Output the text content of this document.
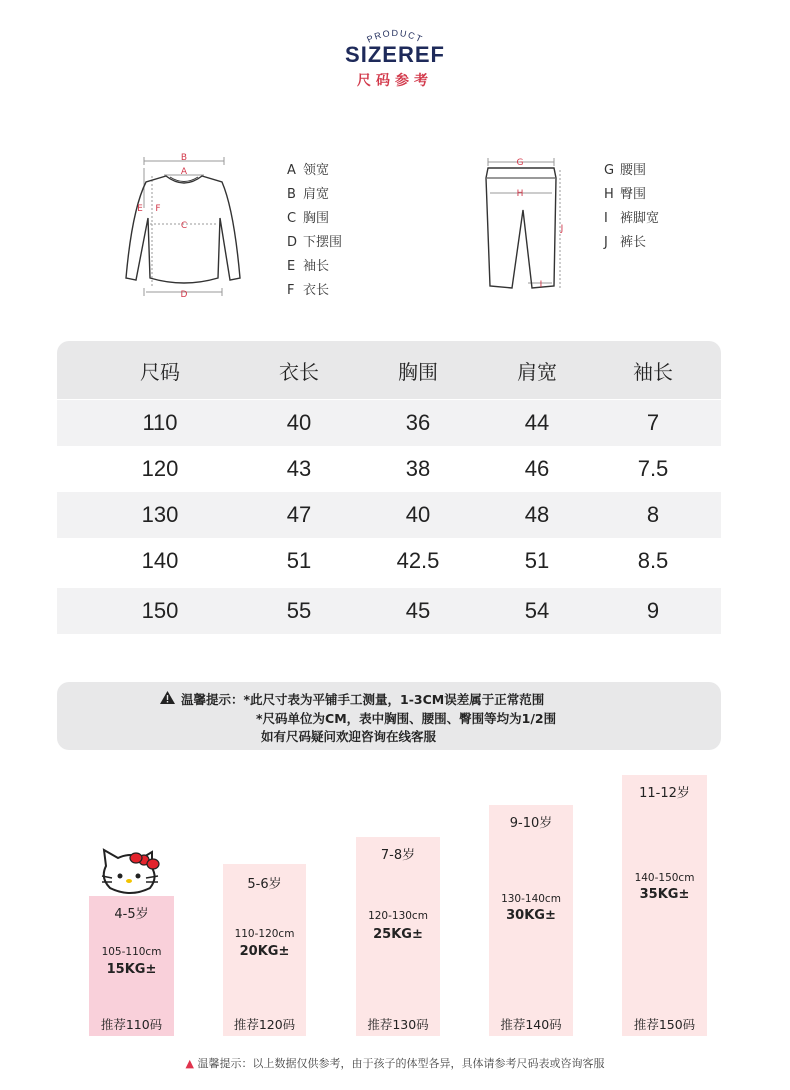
PRODUCT
SIZEREF
尺码参考
B
A
E F
C
D
A 领宽
B 肩宽
C 胸围
D 下摆围
E 袖长
F 衣长
G
H
J
I
G 腰围
H 臀围
I 裤脚宽
J 裤长
尺码	衣长	胸围	肩宽	袖长
110	40	36	44	7
120	43	38	46	7.5
130	47	40	48	8
140	51	42.5	51	8.5
150	55	45	54	9
温馨提示：*此尺寸表为平铺手工测量，1-3CM误差属于正常范围
*尺码单位为CM，表中胸围、腰围、臀围等均为1/2围
如有尺码疑问欢迎咨询在线客服
4-5岁
105-110cm
15KG±
推荐110码
5-6岁
110-120cm
20KG±
推荐120码
7-8岁
120-130cm
25KG±
推荐130码
9-10岁
130-140cm
30KG±
推荐140码
11-12岁
140-150cm
35KG±
推荐150码
▲ 温馨提示：以上数据仅供参考，由于孩子的体型各异，具体请参考尺码表或咨询客服
